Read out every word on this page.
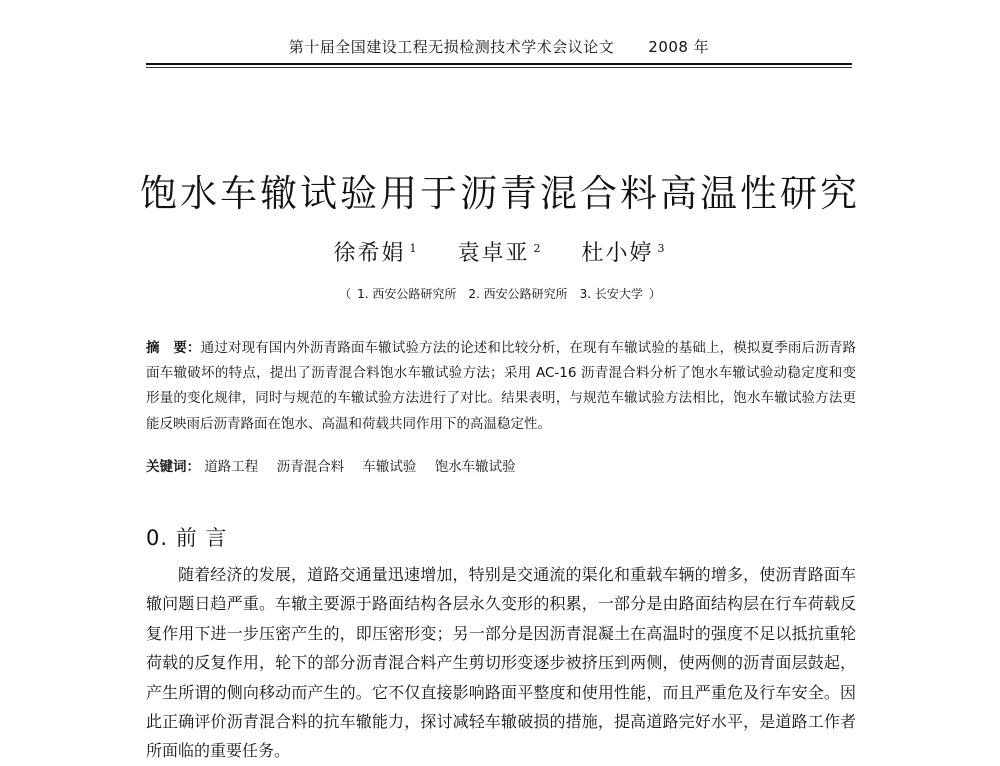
第十届全国建设工程无损检测技术学术会议论文 2008 年
饱水车辙试验用于沥青混合料高温性研究
徐希娟 $^1$ 袁卓亚 $^2$ 杜小婷 $^3$
（ 1. 西安公路研究所 2. 西安公路研究所 3. 长安大学 ）
摘　要：通过对现有国内外沥青路面车辙试验方法的论述和比较分析，在现有车辙试验的基础上，模拟夏季雨后沥青路面车辙破坏的特点，提出了沥青混合料饱水车辙试验方法；采用 AC-16 沥青混合料分析了饱水车辙试验动稳定度和变形量的变化规律，同时与规范的车辙试验方法进行了对比。结果表明，与规范车辙试验方法相比，饱水车辙试验方法更能反映雨后沥青路面在饱水、高温和荷载共同作用下的高温稳定性。
关键词： 道路工程 沥青混合料 车辙试验 饱水车辙试验
0. 前 言

随着经济的发展，道路交通量迅速增加，特别是交通流的渠化和重载车辆的增多，使沥青路面车辙问题日趋严重。车辙主要源于路面结构各层永久变形的积累，一部分是由路面结构层在行车荷载反复作用下进一步压密产生的，即压密形变；另一部分是因沥青混凝土在高温时的强度不足以抵抗重轮荷载的反复作用，轮下的部分沥青混合料产生剪切形变逐步被挤压到两侧，使两侧的沥青面层鼓起，产生所谓的侧向移动而产生的。它不仅直接影响路面平整度和使用性能，而且严重危及行车安全。因此正确评价沥青混合料的抗车辙能力，探讨减轻车辙破损的措施，提高道路完好水平，是道路工作者所面临的重要任务。
